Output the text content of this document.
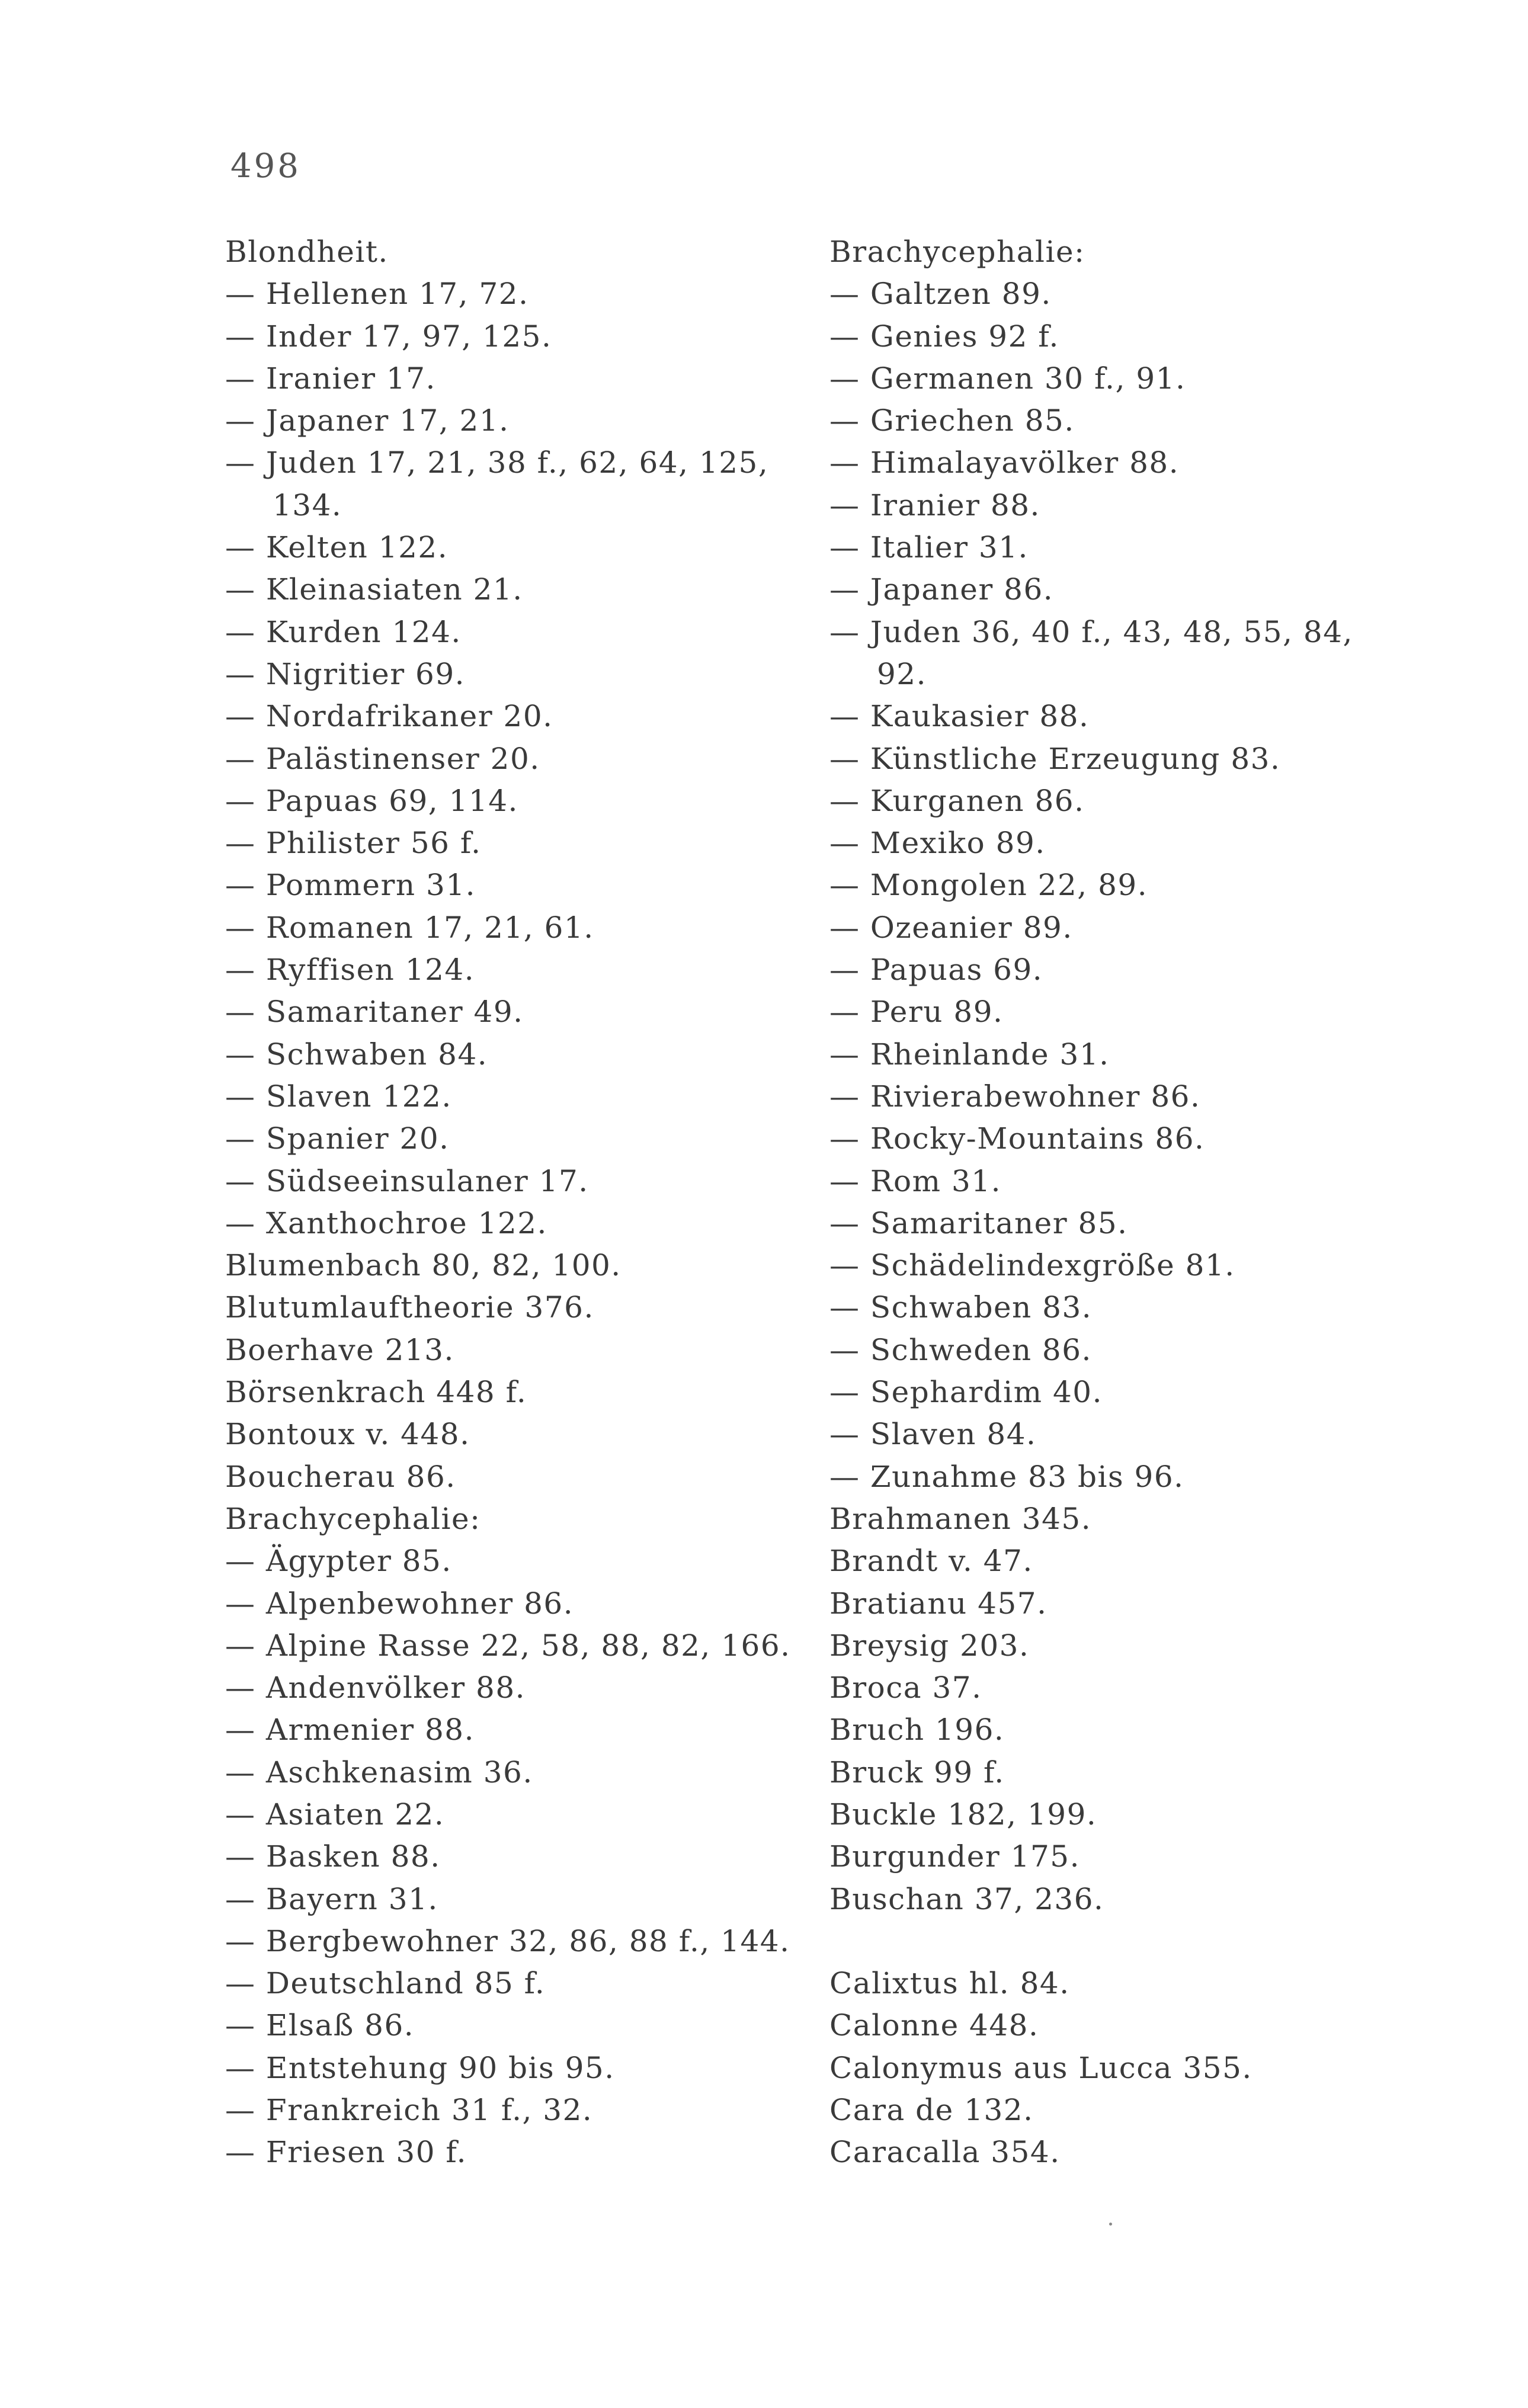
498
Blondheit.
— Hellenen 17, 72.
— Inder 17, 97, 125.
— Iranier 17.
— Japaner 17, 21.
— Juden 17, 21, 38 f., 62, 64, 125,
134.
— Kelten 122.
— Kleinasiaten 21.
— Kurden 124.
— Nigritier 69.
— Nordafrikaner 20.
— Palästinenser 20.
— Papuas 69, 114.
— Philister 56 f.
— Pommern 31.
— Romanen 17, 21, 61.
— Ryffisen 124.
— Samaritaner 49.
— Schwaben 84.
— Slaven 122.
— Spanier 20.
— Südseeinsulaner 17.
— Xanthochroe 122.
Blumenbach 80, 82, 100.
Blutumlauftheorie 376.
Boerhave 213.
Börsenkrach 448 f.
Bontoux v. 448.
Boucherau 86.
Brachycephalie:
— Ägypter 85.
— Alpenbewohner 86.
— Alpine Rasse 22, 58, 88, 82, 166.
— Andenvölker 88.
— Armenier 88.
— Aschkenasim 36.
— Asiaten 22.
— Basken 88.
— Bayern 31.
— Bergbewohner 32, 86, 88 f., 144.
— Deutschland 85 f.
— Elsaß 86.
— Entstehung 90 bis 95.
— Frankreich 31 f., 32.
— Friesen 30 f.
Brachycephalie:
— Galtzen 89.
— Genies 92 f.
— Germanen 30 f., 91.
— Griechen 85.
— Himalayavölker 88.
— Iranier 88.
— Italier 31.
— Japaner 86.
— Juden 36, 40 f., 43, 48, 55, 84,
92.
— Kaukasier 88.
— Künstliche Erzeugung 83.
— Kurganen 86.
— Mexiko 89.
— Mongolen 22, 89.
— Ozeanier 89.
— Papuas 69.
— Peru 89.
— Rheinlande 31.
— Rivierabewohner 86.
— Rocky-Mountains 86.
— Rom 31.
— Samaritaner 85.
— Schädelindexgröße 81.
— Schwaben 83.
— Schweden 86.
— Sephardim 40.
— Slaven 84.
— Zunahme 83 bis 96.
Brahmanen 345.
Brandt v. 47.
Bratianu 457.
Breysig 203.
Broca 37.
Bruch 196.
Bruck 99 f.
Buckle 182, 199.
Burgunder 175.
Buschan 37, 236.
Calixtus hl. 84.
Calonne 448.
Calonymus aus Lucca 355.
Cara de 132.
Caracalla 354.
